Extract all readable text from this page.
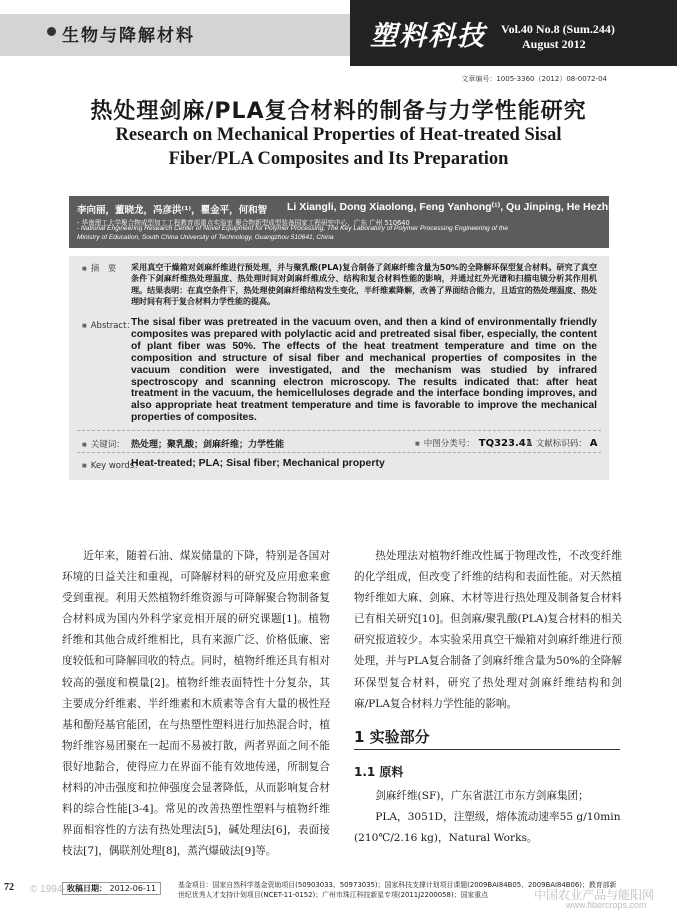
生物与降解材料	塑料科技 Vol.40 No.8 (Sum.244)
August 2012
文章编号：1005-3360（2012）08-0072-04
热处理剑麻/PLA复合材料的制备与力学性能研究
Research on Mechanical Properties of Heat-treated Sisal
Fiber/PLA Composites and Its Preparation
李向丽，董晓龙，冯彦洪⁽¹⁾，瞿金平，何和智 Li Xiangli, Dong Xiaolong, Feng Yanhong⁽¹⁾, Qu Jinping, He Hezhi
- 华南理工大学聚合物成型加工工程教育部重点实验室 聚合物新型成型装备国家工程研究中心，广东 广州 510640
- National Engineering Research Center of Novel Equipment for Polymer Processing, The Key Laboratory of Polymer Processing Engineering of the
Ministry of Education, South China University of Technology, Guangzhou 510641, China
■ 摘　要 采用真空干燥箱对剑麻纤维进行预处理，并与聚乳酸(PLA)复合制备了剑麻纤维含量为50%的全降解环保型复合材料。研究了真空条件下剑麻纤维热处理温度、热处理时间对剑麻纤维成分、结构和复合材料性能的影响，并通过红外光谱和扫描电镜分析其作用机理。结果表明：在真空条件下，热处理使剑麻纤维结构发生变化，半纤维素降解，改善了界面结合能力，且适宜的热处理温度、热处理时间有利于复合材料力学性能的提高。
■ Abstract：
The sisal fiber was pretreated in the vacuum oven, and then a kind of environmentally friendly composites was prepared with polylactic acid and pretreated sisal fiber, especially, the content of plant fiber was 50%. The effects of the heat treatment temperature and time on the composition and structure of sisal fiber and mechanical properties of composites in the vacuum condition were investigated, and the mechanism was studied by infrared spectroscopy and scanning electron microscopy. The results indicated that: after heat treatment in the vacuum, the hemicelluloses degrade and the interface bonding improves, and also appropriate heat treatment temperature and time is favorable to improve the mechanical properties of composites.
■ 关键词： 热处理；聚乳酸；剑麻纤维；力学性能	■ 中图分类号： TQ323.41 ■ 文献标识码： A
■ Key words：
Heat-treated; PLA; Sisal fiber; Mechanical property

近年来，随着石油、煤炭储量的下降，特别是各国对环境的日益关注和重视，可降解材料的研究及应用愈来愈受到重视。利用天然植物纤维资源与可降解聚合物制备复合材料成为国内外科学家竞相开展的研究课题[1]。植物纤维和其他合成纤维相比，具有来源广泛、价格低廉、密度较低和可降解回收的特点。同时，植物纤维还具有相对较高的强度和模量[2]。植物纤维表面特性十分复杂，其主要成分纤维素、半纤维素和木质素等含有大量的极性羟基和酚羟基官能团，在与热塑性塑料进行加热混合时，植物纤维容易团聚在一起而不易被打散，两者界面之间不能很好地黏合，使得应力在界面不能有效地传递，所制复合材料的冲击强度和拉伸强度会显著降低，从而影响复合材料的综合性能[3-4]。常见的改善热塑性塑料与植物纤维界面相容性的方法有热处理法[5]，碱处理法[6]，表面接枝法[7]，偶联剂处理[8]，蒸汽爆破法[9]等。

热处理法对植物纤维改性属于物理改性，不改变纤维的化学组成，但改变了纤维的结构和表面性能。对天然植物纤维如大麻、剑麻、木材等进行热处理及制备复合材料已有相关研究[10]。但剑麻/聚乳酸(PLA)复合材料的相关研究报道较少。本实验采用真空干燥箱对剑麻纤维进行预处理，并与PLA复合制备了剑麻纤维含量为50%的全降解环保型复合材料，研究了热处理对剑麻纤维结构和剑麻/PLA复合材料力学性能的影响。

1 实验部分
1.1 原料

剑麻纤维(SF)，广东省湛江市东方剑麻集团；

PLA，3051D，注塑级，熔体流动速率55 g/10min (210℃/2.16 kg)，Natural Works。

72 © 1994-2
收稿日期： 2012-06-11	基金项目：国家自然科学基金资助项目(50903033、50973035)；国家科技支撑计划项目课题(2009BAI84B05、2009BAI84B06)；教育部新世纪优秀人才支持计划项目(NCET-11-0152)；广州市珠江科技新星专项(2011J2200058)；国家重点	中国农业产品与能阳网
www.fibercrops.com
